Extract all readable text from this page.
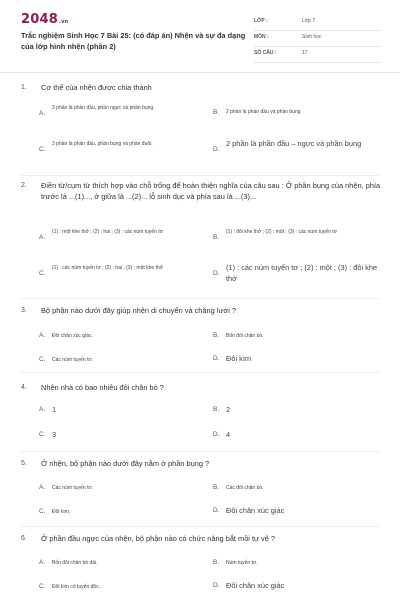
2048.vn
Trắc nghiệm Sinh Học 7 Bài 25: (có đáp án) Nhện và sự đa dạng của lớp hình nhện (phần 2)
LỚP :	Lớp 7
MÔN :	Sinh học
SỐ CÂU :	17
1. Cơ thể của nhện được chia thành
A.
3 phần là phần đầu, phần ngực và phần bụng.
B. 2 phần là phần đầu và phần bụng
C.
3 phần là phần đầu, phần bụng và phần đuôi.
D.
2 phần là phần đầu – ngực và phần bụng
2. Điền từ/cụm từ thích hợp vào chỗ trống để hoàn thiện nghĩa của câu sau : Ở phần bụng của nhện, phía trước là ...(1)..., ở giữa là ...(2)... lỗ sinh dục và phía sau là ...(3)...
A.
(1) : một khe thở ; (2) : hai ; (3) : các núm tuyến tơ
B.
(1) : đôi khe thở ; (2) : một ; (3) : các núm tuyến tơ
C.
(1) : các núm tuyến tơ ; (2) : hai ; (3) : một khe thở
D.
(1) : các núm tuyến tơ ; (2) : một ; (3) : đôi khe thở
3. Bộ phận nào dưới đây giúp nhện di chuyển và chăng lưới ?
A. Đôi chân xúc giác.	B. Bốn đôi chân bò.
C. Các núm tuyến tơ.	D. Đôi kìm
4. Nhện nhà có bao nhiêu đôi chân bò ?
A. 1	B. 2
C. 3	D. 4
5. Ở nhện, bộ phận nào dưới đây nằm ở phần bụng ?
A. Các núm tuyến tơ.	B. Các đôi chân bò.
C. Đôi kìm.	D. Đôi chân xúc giác
6. Ở phần đầu ngực của nhện, bộ phận nào có chức năng bắt mồi tự vệ ?
A. Bốn đôi chân bò dài.	B. Núm tuyến tơ.
C. Đôi kìm có tuyến độc.	D. Đôi chân xúc giác
